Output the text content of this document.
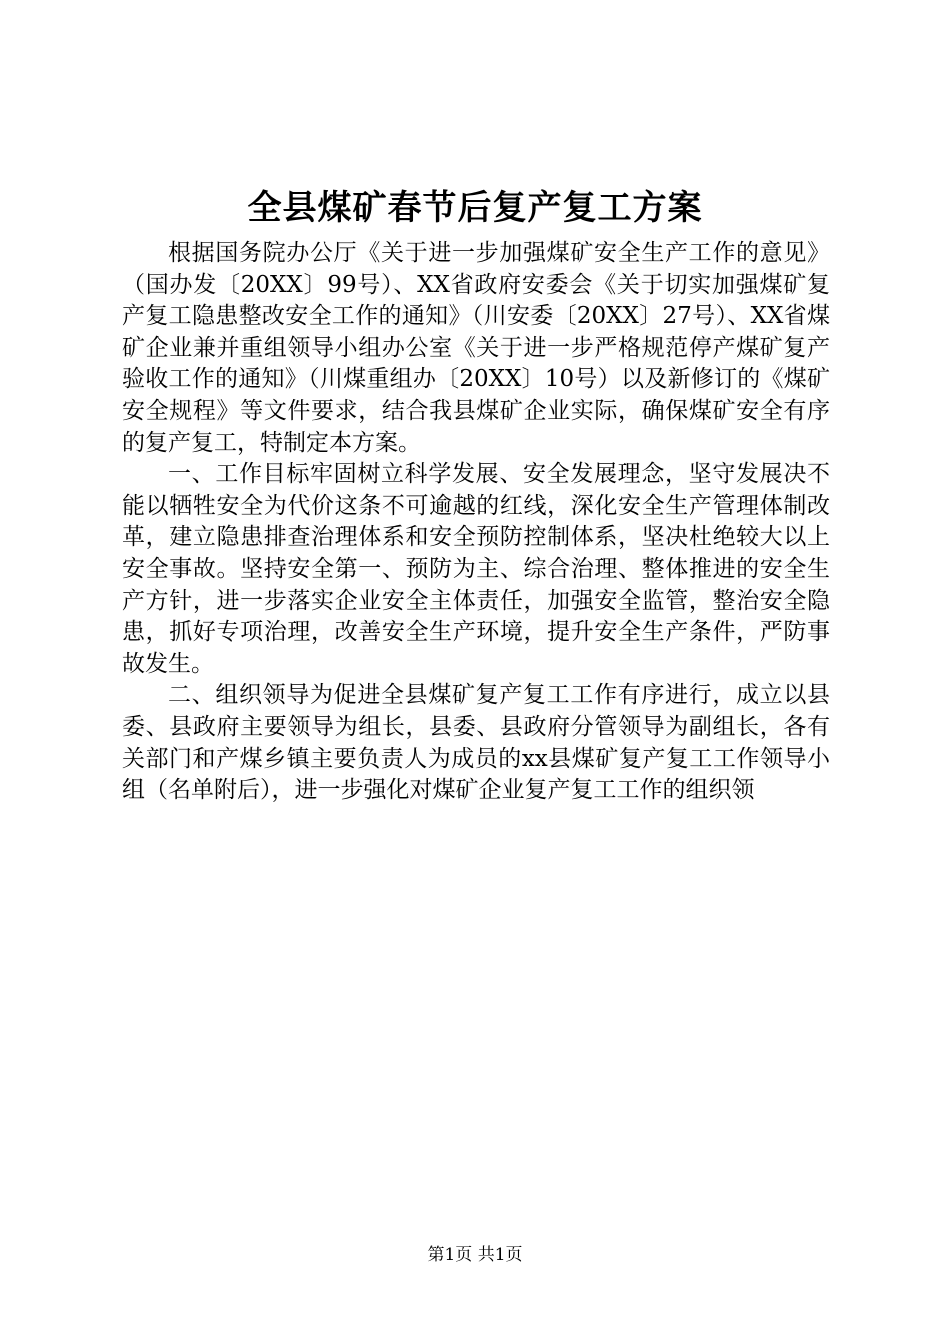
全县煤矿春节后复产复工方案

根据国务院办公厅《关于进一步加强煤矿安全生产工作的意见》（国办发〔20XX〕99号）、XX省政府安委会《关于切实加强煤矿复产复工隐患整改安全工作的通知》（川安委〔20XX〕27号）、XX省煤矿企业兼并重组领导小组办公室《关于进一步严格规范停产煤矿复产验收工作的通知》（川煤重组办〔20XX〕10号）以及新修订的《煤矿安全规程》等文件要求，结合我县煤矿企业实际，确保煤矿安全有序的复产复工，特制定本方案。

一、工作目标牢固树立科学发展、安全发展理念，坚守发展决不能以牺牲安全为代价这条不可逾越的红线，深化安全生产管理体制改革，建立隐患排查治理体系和安全预防控制体系，坚决杜绝较大以上安全事故。坚持安全第一、预防为主、综合治理、整体推进的安全生产方针，进一步落实企业安全主体责任，加强安全监管，整治安全隐患，抓好专项治理，改善安全生产环境，提升安全生产条件，严防事故发生。

二、组织领导为促进全县煤矿复产复工工作有序进行，成立以县委、县政府主要领导为组长，县委、县政府分管领导为副组长，各有关部门和产煤乡镇主要负责人为成员的xx县煤矿复产复工工作领导小组（名单附后），进一步强化对煤矿企业复产复工工作的组织领

第1页 共1页
